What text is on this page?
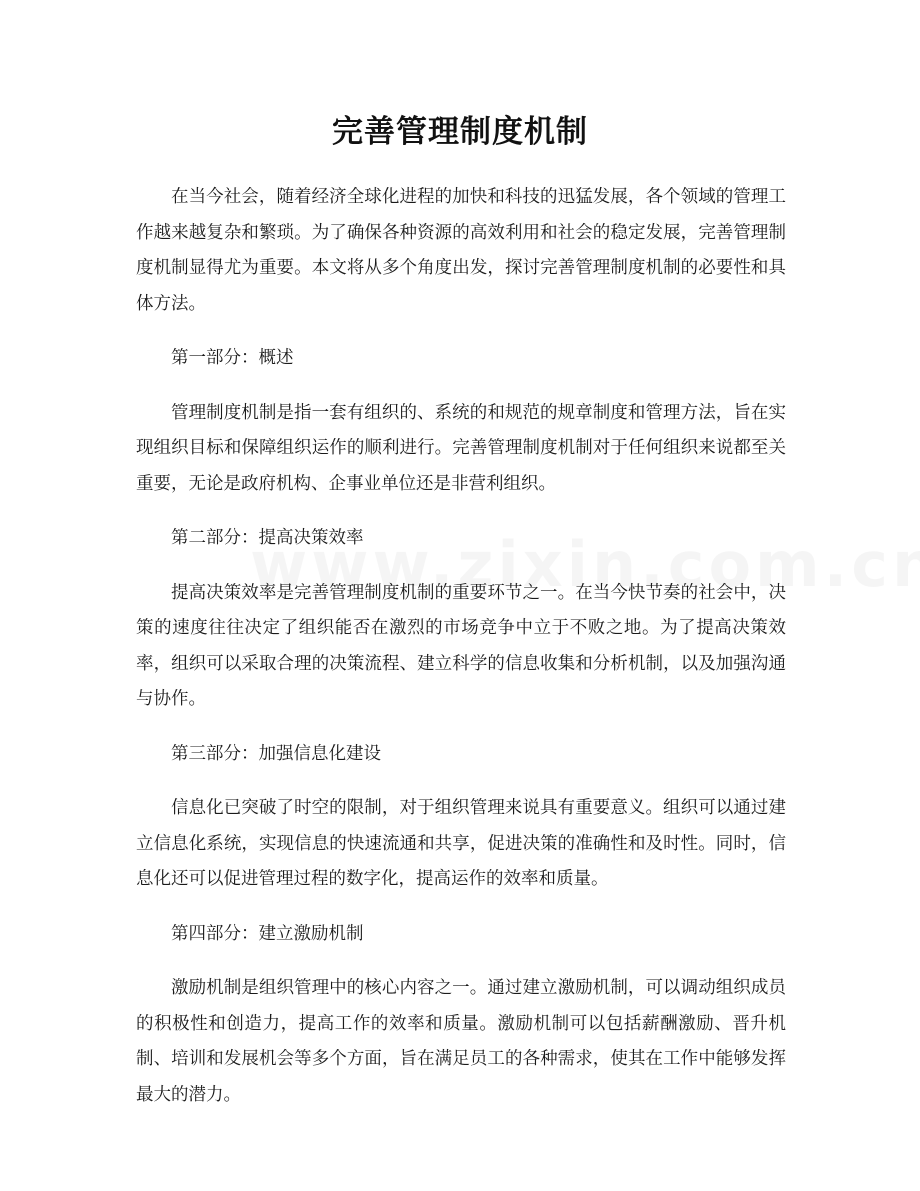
完善管理制度机制

在当今社会，随着经济全球化进程的加快和科技的迅猛发展，各个领域的管理工作越来越复杂和繁琐。为了确保各种资源的高效利用和社会的稳定发展，完善管理制度机制显得尤为重要。本文将从多个角度出发，探讨完善管理制度机制的必要性和具体方法。

第一部分：概述

管理制度机制是指一套有组织的、系统的和规范的规章制度和管理方法，旨在实现组织目标和保障组织运作的顺利进行。完善管理制度机制对于任何组织来说都至关重要，无论是政府机构、企事业单位还是非营利组织。

第二部分：提高决策效率

提高决策效率是完善管理制度机制的重要环节之一。在当今快节奏的社会中，决策的速度往往决定了组织能否在激烈的市场竞争中立于不败之地。为了提高决策效率，组织可以采取合理的决策流程、建立科学的信息收集和分析机制，以及加强沟通与协作。

第三部分：加强信息化建设

信息化已突破了时空的限制，对于组织管理来说具有重要意义。组织可以通过建立信息化系统，实现信息的快速流通和共享，促进决策的准确性和及时性。同时，信息化还可以促进管理过程的数字化，提高运作的效率和质量。

第四部分：建立激励机制

激励机制是组织管理中的核心内容之一。通过建立激励机制，可以调动组织成员的积极性和创造力，提高工作的效率和质量。激励机制可以包括薪酬激励、晋升机制、培训和发展机会等多个方面，旨在满足员工的各种需求，使其在工作中能够发挥最大的潜力。
